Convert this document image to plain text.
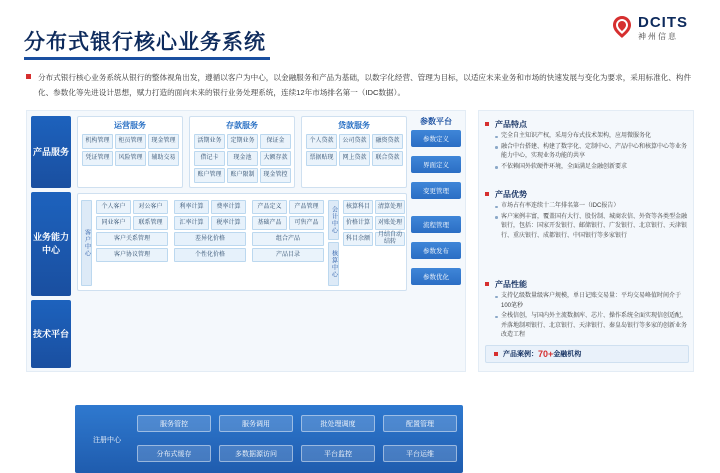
分布式银行核心业务系统
DCITS
神州信息
分布式银行核心业务系统从银行的整体视角出发，遵循以客户为中心，以金融服务和产品为基础，以数字化经营、管理为目标，以适应未来业务和市场的快速发展与变化为要求，采用标准化、构件化、参数化等先进设计思想，赋力打造的面向未来的银行业务处理系统，连续12年市场排名第一（IDC数据）。
产品服务
业务能力中心
技术平台
运营服务
机构管理	柜员管理	现金管理
凭证管理	风险管理	辅助交易
存款服务
活期业务	定期业务	保证金
借记卡	现金池	大额存款
账户管理	账户限制	现金管控
贷款服务
个人贷款	公司贷款	融资贷款
票据贴现	网上贷款	联合贷款
参数平台
参数定义
界面定义
变更管理
流程管理
参数发布
参数优化
客户中心
个人客户	对公客户
同业客户	联系管理
客户关系管理
客户协议管理
利率计算	费率计算
汇率计算	税率计算
差异化价格
个性化价格
产品定义	产品管理
基础产品	可售产品
组合产品
产品目录
会计中心
核算中心
核算科目	清算处理
价格计算	对账处理
科目余额
月结自动结转
注册中心
服务管控	服务调用	批处理调度	配置管理
分布式缓存	多数据源访问	平台监控	平台运维
产品特点
完全自主知识产权，采用分布式技术架构，应用微服务化
融合中台搭建、构建了数字化、定制中心、产品中心和核算中心等业务能力中心，实现业务功能的共享
不依赖国外软硬件环境，全面满足金融创新要求
产品优势
市场占有率连续十二年排名第一（IDC报告）
客户案例丰富，覆盖国有大行、股份制、城商农信、外资等各类型金融银行，包括：国家开发银行、邮储银行、广发银行、北京银行、天津银行、重庆银行、成都银行、中国银行等多家银行
产品性能
支持亿级数量级客户规模，单日记账交易量：平均交易峰值时间介于100笔秒
全栈信创，与国内外主流数据库、芯片、操作系统全面实现信创适配，并落地制项银行、北京银行、天津银行、秦皇岛银行等多家的创新业务改造工程
产品案例： 70+ 金融机构
